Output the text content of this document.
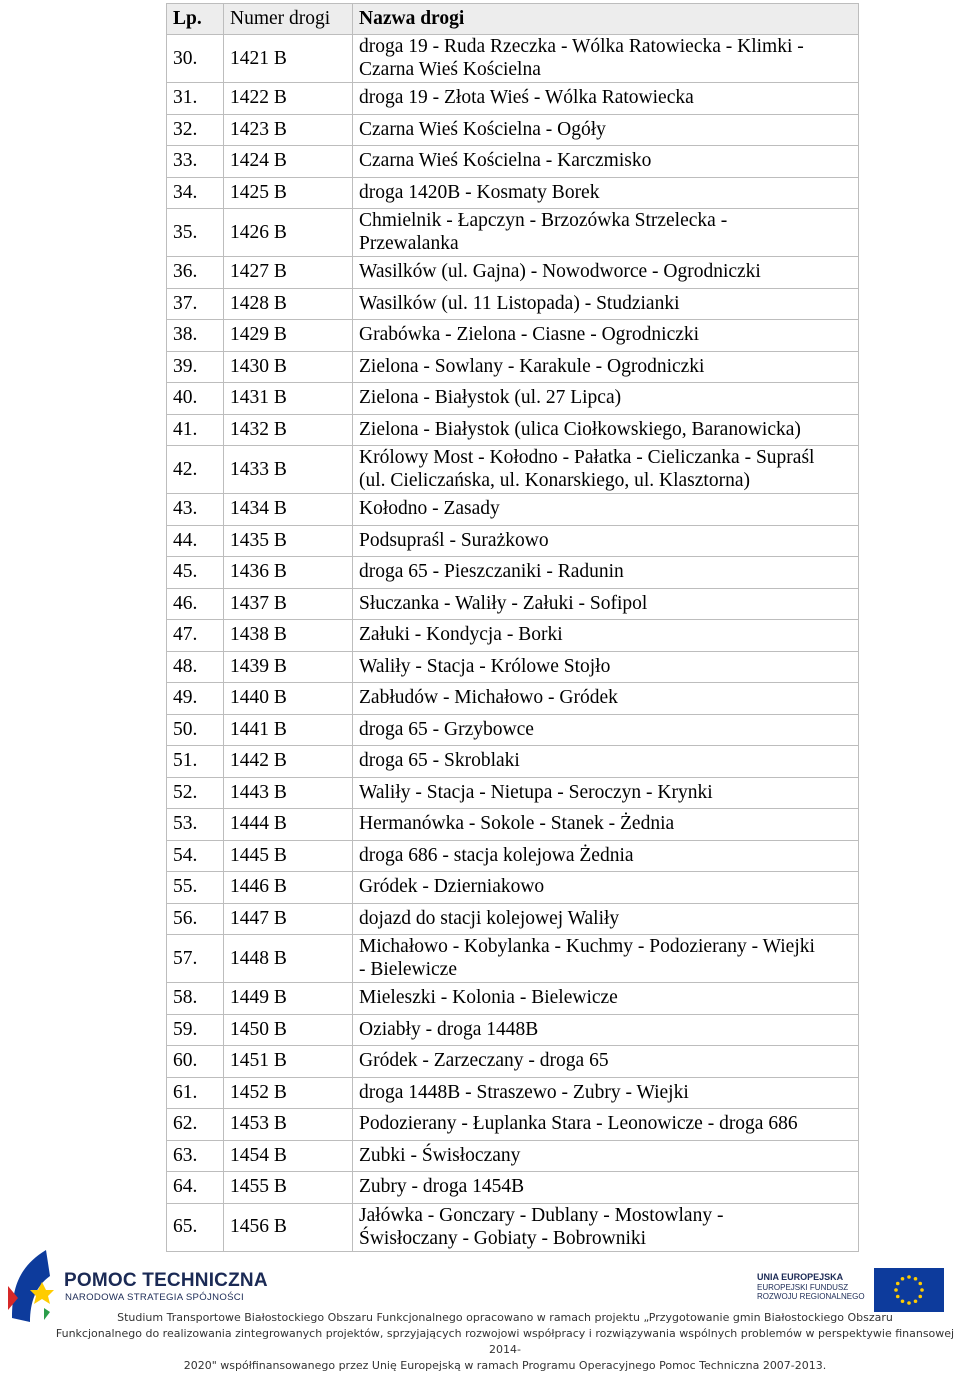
Lp.	Numer drogi	Nazwa drogi
30.	1421 B	droga 19 - Ruda Rzeczka - Wólka Ratowiecka - Klimki -
Czarna Wieś Kościelna

31.	1422 B	droga 19 - Złota Wieś - Wólka Ratowiecka

32.	1423 B	Czarna Wieś Kościelna - Ogóły

33.	1424 B	Czarna Wieś Kościelna - Karczmisko

34.	1425 B	droga 1420B - Kosmaty Borek

35.	1426 B	Chmielnik - Łapczyn - Brzozówka Strzelecka -
Przewalanka

36.	1427 B	Wasilków (ul. Gajna) - Nowodworce - Ogrodniczki

37.	1428 B	Wasilków (ul. 11 Listopada) - Studzianki

38.	1429 B	Grabówka - Zielona - Ciasne - Ogrodniczki

39.	1430 B	Zielona - Sowlany - Karakule - Ogrodniczki

40.	1431 B	Zielona - Białystok (ul. 27 Lipca)

41.	1432 B	Zielona - Białystok (ulica Ciołkowskiego, Baranowicka)

42.	1433 B	Królowy Most - Kołodno - Pałatka - Cieliczanka - Supraśl
(ul. Cieliczańska, ul. Konarskiego, ul. Klasztorna)

43.	1434 B	Kołodno - Zasady

44.	1435 B	Podsupraśl - Surażkowo

45.	1436 B	droga 65 - Pieszczaniki - Radunin

46.	1437 B	Słuczanka - Waliły - Załuki - Sofipol

47.	1438 B	Załuki - Kondycja - Borki

48.	1439 B	Waliły - Stacja - Królowe Stojło

49.	1440 B	Zabłudów - Michałowo - Gródek

50.	1441 B	droga 65 - Grzybowce

51.	1442 B	droga 65 - Skroblaki

52.	1443 B	Waliły - Stacja - Nietupa - Seroczyn - Krynki

53.	1444 B	Hermanówka - Sokole - Stanek - Żednia

54.	1445 B	droga 686 - stacja kolejowa Żednia

55.	1446 B	Gródek - Dzierniakowo

56.	1447 B	dojazd do stacji kolejowej Waliły

57.	1448 B	Michałowo - Kobylanka - Kuchmy - Podozierany - Wiejki
- Bielewicze

58.	1449 B	Mieleszki - Kolonia - Bielewicze

59.	1450 B	Oziabły - droga 1448B

60.	1451 B	Gródek - Zarzeczany - droga 65

61.	1452 B	droga 1448B - Straszewo - Zubry - Wiejki

62.	1453 B	Podozierany - Łuplanka Stara - Leonowicze - droga 686

63.	1454 B	Zubki - Świsłoczany

64.	1455 B	Zubry - droga 1454B

65.	1456 B	Jałówka - Gonczary - Dublany - Mostowlany -
Świsłoczany - Gobiaty - Bobrowniki
POMOC TECHNICZNA
NARODOWA STRATEGIA SPÓJNOŚCI
UNIA EUROPEJSKA
EUROPEJSKI FUNDUSZ
ROZWOJU REGIONALNEGO
Studium Transportowe Białostockiego Obszaru Funkcjonalnego opracowano w ramach projektu „Przygotowanie gmin Białostockiego Obszaru
Funkcjonalnego do realizowania zintegrowanych projektów, sprzyjających rozwojowi współpracy i rozwiązywania wspólnych problemów w perspektywie finansowej 2014-
2020" współfinansowanego przez Unię Europejską w ramach Programu Operacyjnego Pomoc Techniczna 2007-2013.
